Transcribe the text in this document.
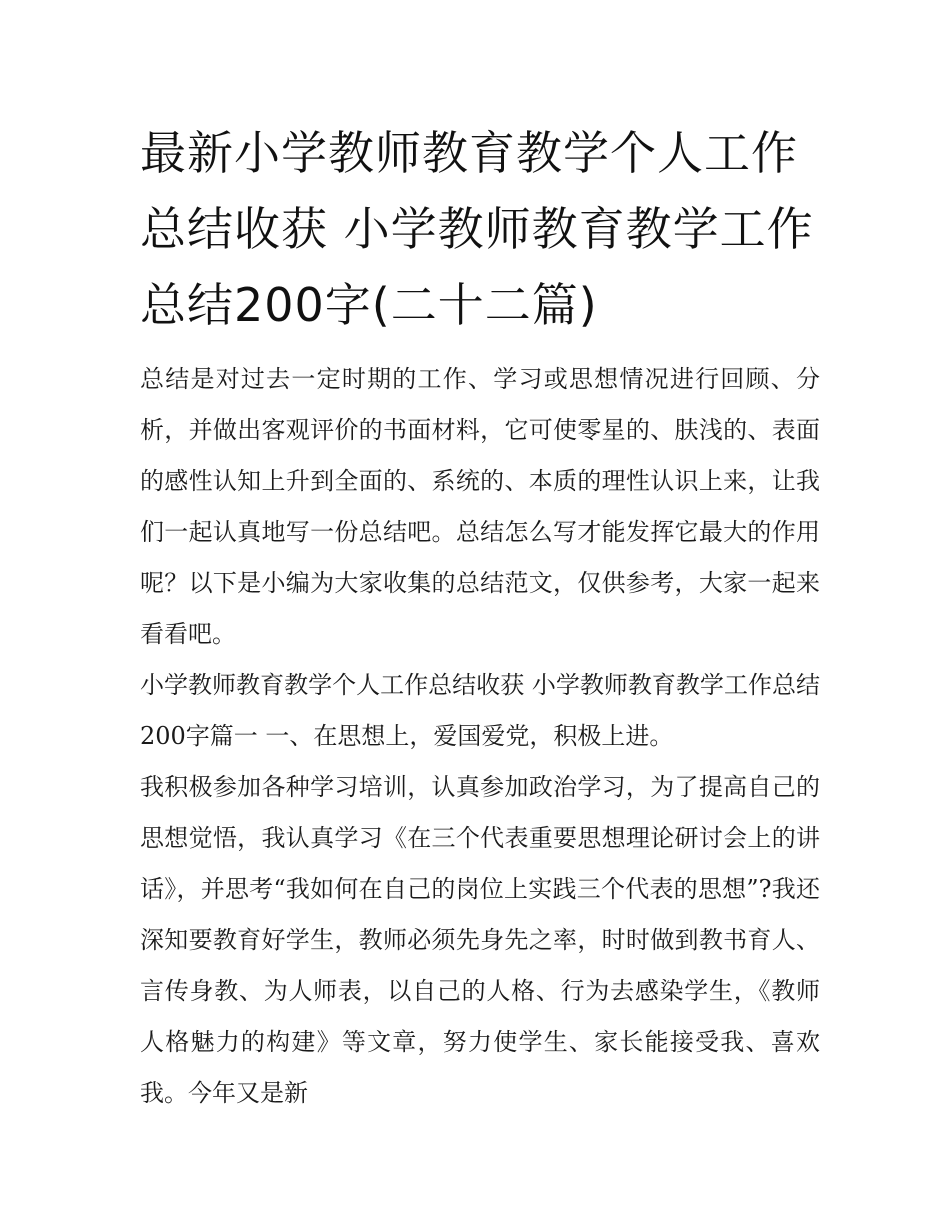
最新小学教师教育教学个人工作总结收获 小学教师教育教学工作总结200字(二十二篇)

总结是对过去一定时期的工作、学习或思想情况进行回顾、分析，并做出客观评价的书面材料，它可使零星的、肤浅的、表面的感性认知上升到全面的、系统的、本质的理性认识上来，让我们一起认真地写一份总结吧。总结怎么写才能发挥它最大的作用呢？以下是小编为大家收集的总结范文，仅供参考，大家一起来看看吧。

小学教师教育教学个人工作总结收获 小学教师教育教学工作总结200字篇一 一、在思想上，爱国爱党，积极上进。

我积极参加各种学习培训，认真参加政治学习，为了提高自己的思想觉悟，我认真学习《在三个代表重要思想理论研讨会上的讲话》，并思考“我如何在自己的岗位上实践三个代表的思想”?我还深知要教育好学生，教师必须先身先之率，时时做到教书育人、言传身教、为人师表，以自己的人格、行为去感染学生，《教师人格魅力的构建》等文章，努力使学生、家长能接受我、喜欢我。今年又是新
